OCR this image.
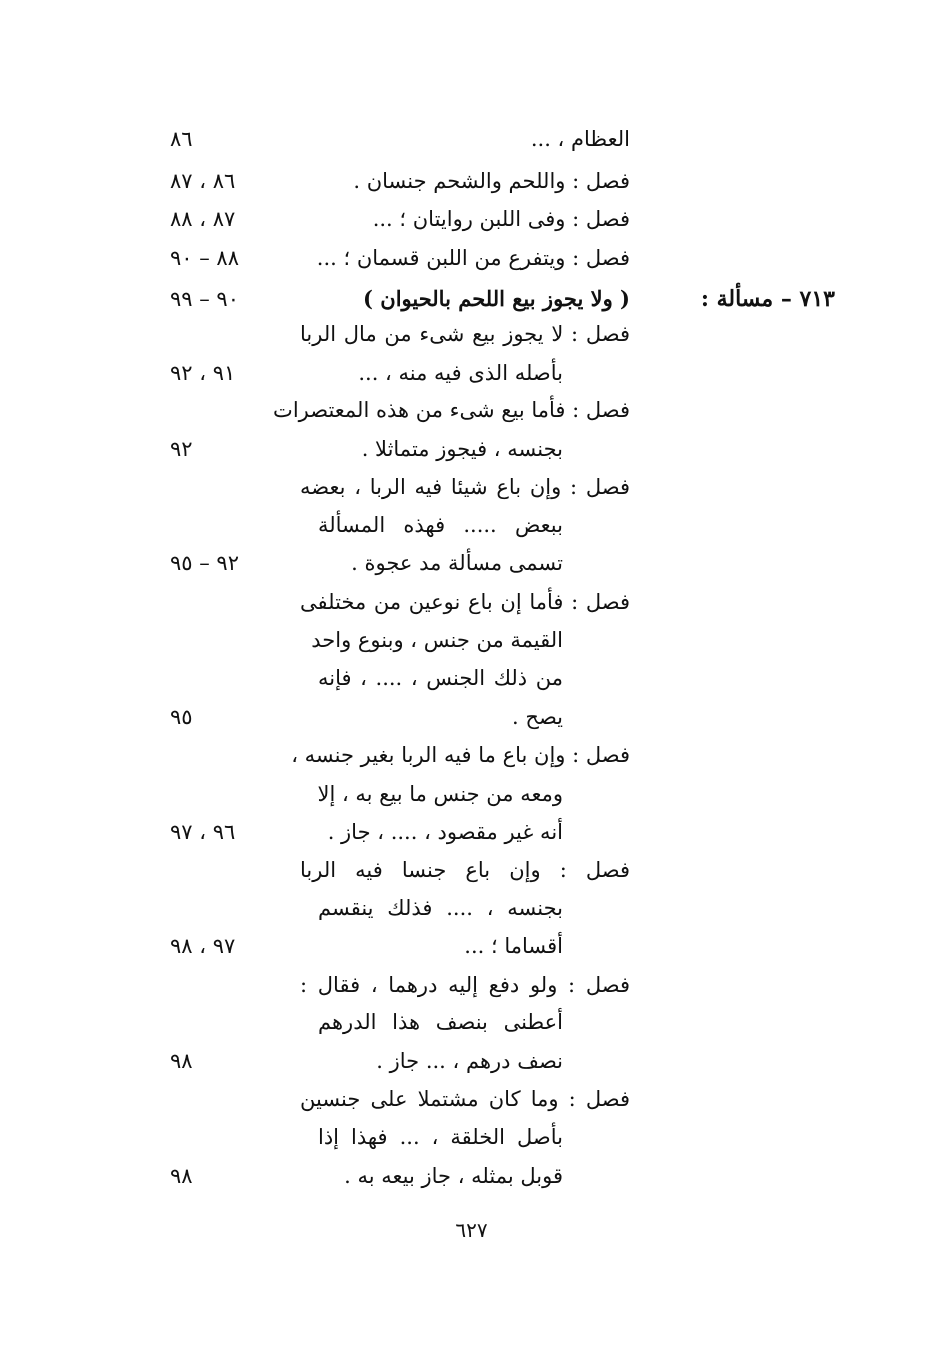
٧١٣ – مسألة :
العظام ، ...
٨٦
فصل : واللحم والشحم جنسان .
٨٦ ، ٨٧
فصل : وفى اللبن روايتان ؛ ...
٨٧ ، ٨٨
فصل : ويتفرع من اللبن قسمان ؛ ...
٨٨ – ٩٠
( ولا يجوز بيع اللحم بالحيوان )
٩٠ – ٩٩
فصل : لا يجوز بيع شىء من مال الربا
بأصله الذى فيه منه ، ...
٩١ ، ٩٢
فصل : فأما بيع شىء من هذه المعتصرات
بجنسه ، فيجوز متماثلا .
٩٢
فصل : وإن باع شيئا فيه الربا ، بعضه
ببعض ..... فهذه المسألة
تسمى مسألة مد عجوة .
٩٢ – ٩٥
فصل : فأما إن باع نوعين من مختلفى
القيمة من جنس ، وبنوع واحد
من ذلك الجنس ، .... ، فإنه
يصح .
٩٥
فصل : وإن باع ما فيه الربا بغير جنسه ،
ومعه من جنس ما بيع به ، إلا
أنه غير مقصود ، .... ، جاز .
٩٦ ، ٩٧
فصل : وإن باع جنسا فيه الربا
بجنسه ، .... فذلك ينقسم
أقساما ؛ ...
٩٧ ، ٩٨
فصل : ولو دفع إليه درهما ، فقال :
أعطنى بنصف هذا الدرهم
نصف درهم ، ... جاز .
٩٨
فصل : وما كان مشتملا على جنسين
بأصل الخلقة ، ... فهذا إذا
قوبل بمثله ، جاز بيعه به .
٩٨
٦٢٧
